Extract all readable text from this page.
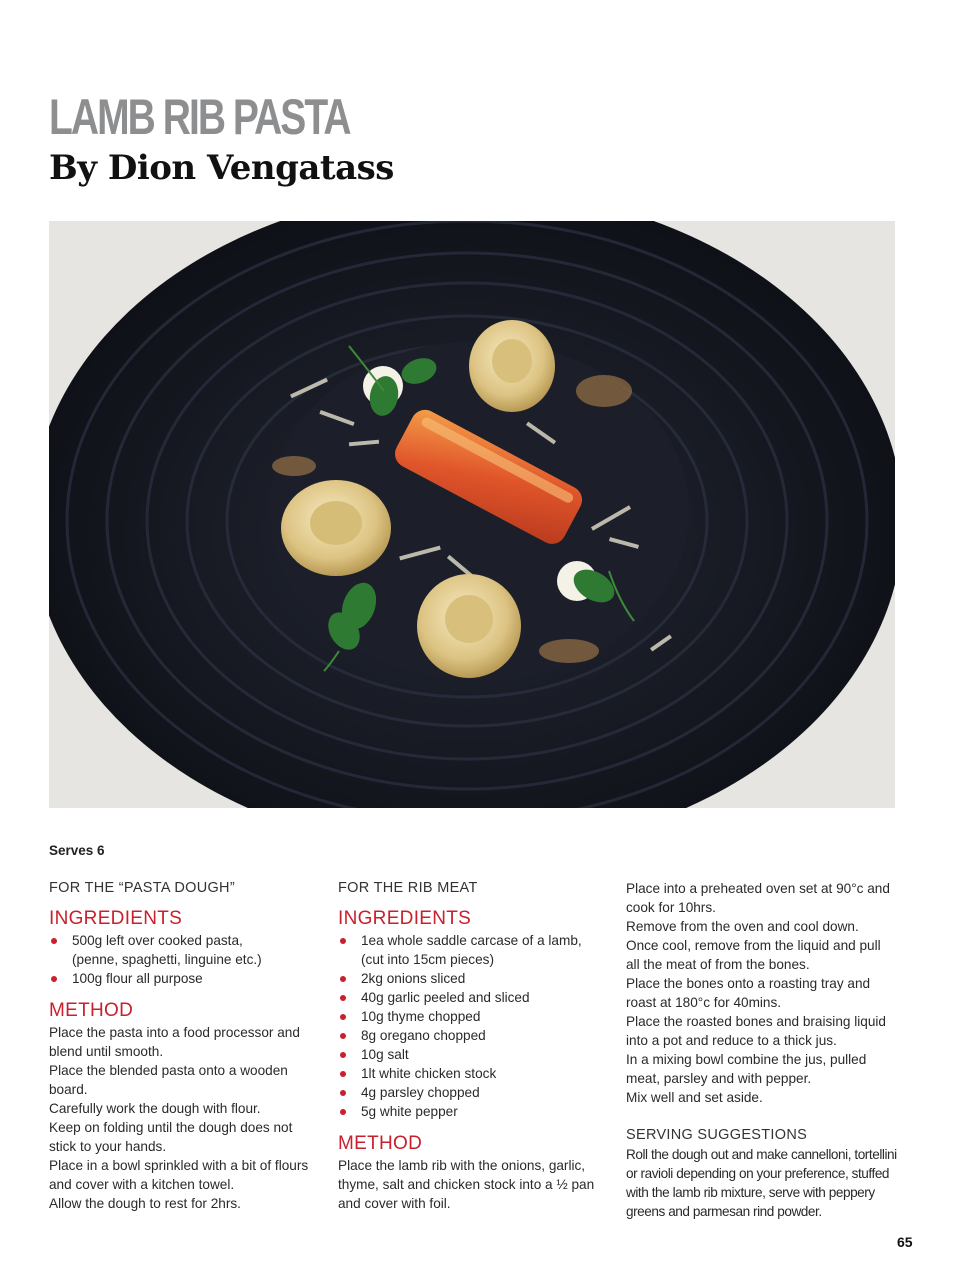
LAMB RIB PASTA
By Dion Vengatass
Serves 6
FOR THE “PASTA DOUGH”
INGREDIENTS
500g left over cooked pasta,
(penne, spaghetti, linguine etc.)
100g flour all purpose
METHOD
Place the pasta into a food processor and
blend until smooth.
Place the blended pasta onto a wooden
board.
Carefully work the dough with flour.
Keep on folding until the dough does not
stick to your hands.
Place in a bowl sprinkled with a bit of flours
and cover with a kitchen towel.
Allow the dough to rest for 2hrs.
FOR THE RIB MEAT
INGREDIENTS
1ea whole saddle carcase of a lamb,
(cut into 15cm pieces)
2kg onions sliced
40g garlic peeled and sliced
10g thyme chopped
8g oregano chopped
10g salt
1lt white chicken stock
4g parsley chopped
5g white pepper
METHOD
Place the lamb rib with the onions, garlic,
thyme, salt and chicken stock into a ½ pan
and cover with foil.
Place into a preheated oven set at 90°c and
cook for 10hrs.
Remove from the oven and cool down.
Once cool, remove from the liquid and pull
all the meat of from the bones.
Place the bones onto a roasting tray and
roast at 180°c for 40mins.
Place the roasted bones and braising liquid
into a pot and reduce to a thick jus.
In a mixing bowl combine the jus, pulled
meat, parsley and with pepper.
Mix well and set aside.
SERVING SUGGESTIONS
Roll the dough out and make cannelloni, tortellini
or ravioli depending on your preference, stuffed
with the lamb rib mixture, serve with peppery
greens and parmesan rind powder.
65
